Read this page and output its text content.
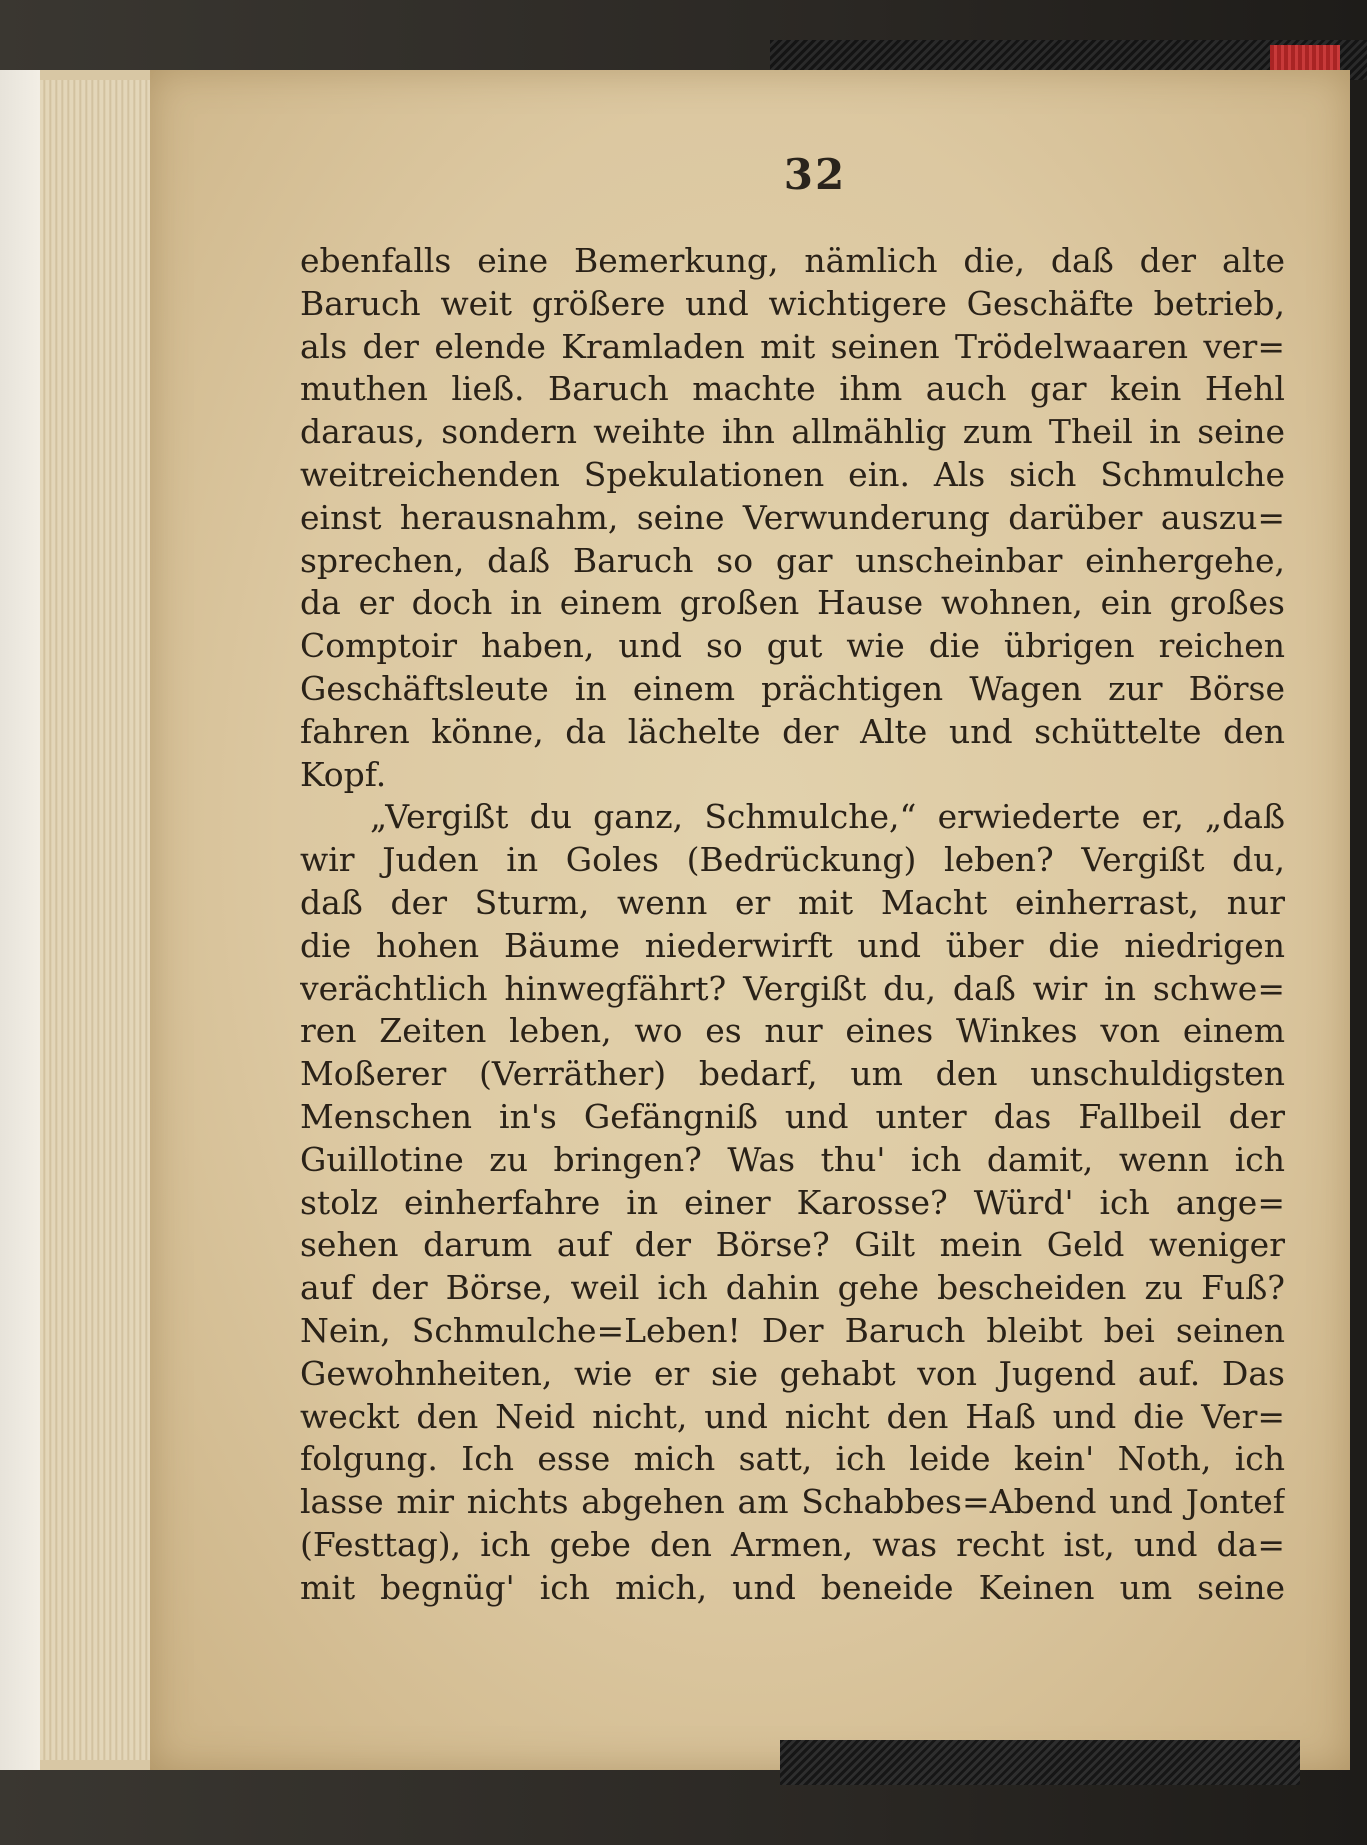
32
ebenfalls eine Bemerkung, nämlich die, daß der alte
Baruch weit größere und wichtigere Geschäfte betrieb,
als der elende Kramladen mit seinen Trödelwaaren ver=
muthen ließ. Baruch machte ihm auch gar kein Hehl
daraus, sondern weihte ihn allmählig zum Theil in seine
weitreichenden Spekulationen ein. Als sich Schmulche
einst herausnahm, seine Verwunderung darüber auszu=
sprechen, daß Baruch so gar unscheinbar einhergehe,
da er doch in einem großen Hause wohnen, ein großes
Comptoir haben, und so gut wie die übrigen reichen
Geschäftsleute in einem prächtigen Wagen zur Börse
fahren könne, da lächelte der Alte und schüttelte den
Kopf.
„Vergißt du ganz, Schmulche,“ erwiederte er, „daß
wir Juden in Goles (Bedrückung) leben? Vergißt du,
daß der Sturm, wenn er mit Macht einherrast, nur
die hohen Bäume niederwirft und über die niedrigen
verächtlich hinwegfährt? Vergißt du, daß wir in schwe=
ren Zeiten leben, wo es nur eines Winkes von einem
Moßerer (Verräther) bedarf, um den unschuldigsten
Menschen in's Gefängniß und unter das Fallbeil der
Guillotine zu bringen? Was thu' ich damit, wenn ich
stolz einherfahre in einer Karosse? Würd' ich ange=
sehen darum auf der Börse? Gilt mein Geld weniger
auf der Börse, weil ich dahin gehe bescheiden zu Fuß?
Nein, Schmulche=Leben! Der Baruch bleibt bei seinen
Gewohnheiten, wie er sie gehabt von Jugend auf. Das
weckt den Neid nicht, und nicht den Haß und die Ver=
folgung. Ich esse mich satt, ich leide kein' Noth, ich
lasse mir nichts abgehen am Schabbes=Abend und Jontef
(Festtag), ich gebe den Armen, was recht ist, und da=
mit begnüg' ich mich, und beneide Keinen um seine
